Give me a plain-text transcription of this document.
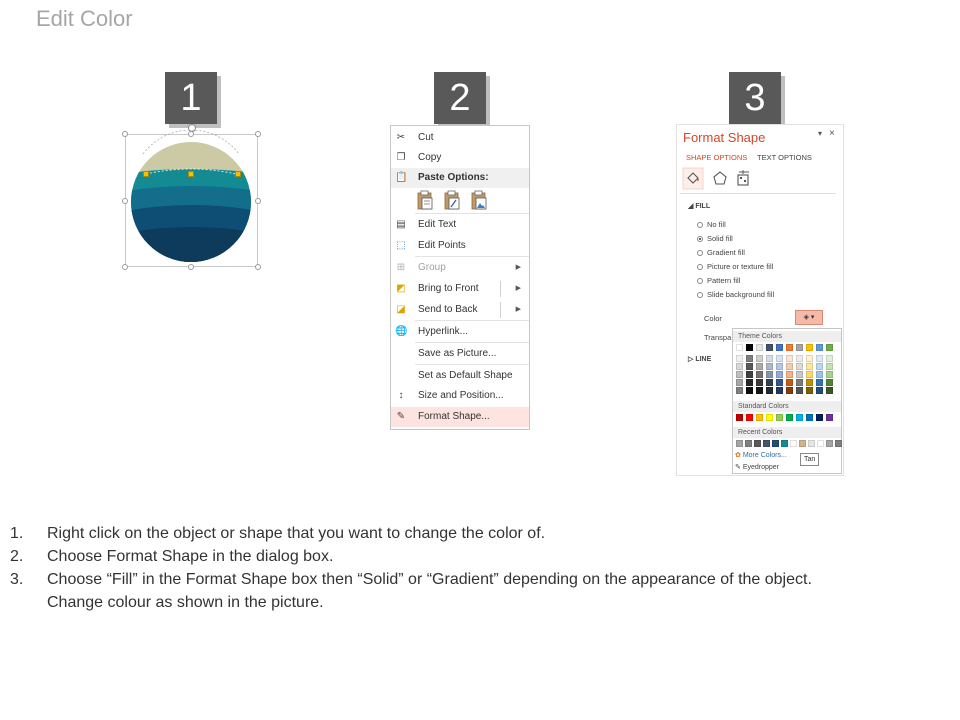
Edit Color
1	2	3
✂ Cut
❐ Copy
📋 Paste Options:
▤ Edit Text
⬚ Edit Points
⊞ Group	▶
◩ Bring to Front	▶
◪ Send to Back	▶
🌐 Hyperlink...
Save as Picture...
Set as Default Shape
↕	Size and Position...
✎ Format Shape...
Format Shape	▾ ×
SHAPE OPTIONS TEXT OPTIONS
◢ FILL
No fill
Solid fill
Gradient fill
Picture or texture fill
Pattern fill
Slide background fill
Color	◈ ▾
Transpa
▷ LINE
Theme Colors
Standard Colors
Recent Colors
✿ More Colors...
✎ Eyedropper
Tan
1. Right click on the object or shape that you want to change the color of.
2. Choose Format Shape in the dialog box.
3. Choose “Fill” in the Format Shape box then “Solid” or “Gradient” depending on the appearance of the object.
Change colour as shown in the picture.
